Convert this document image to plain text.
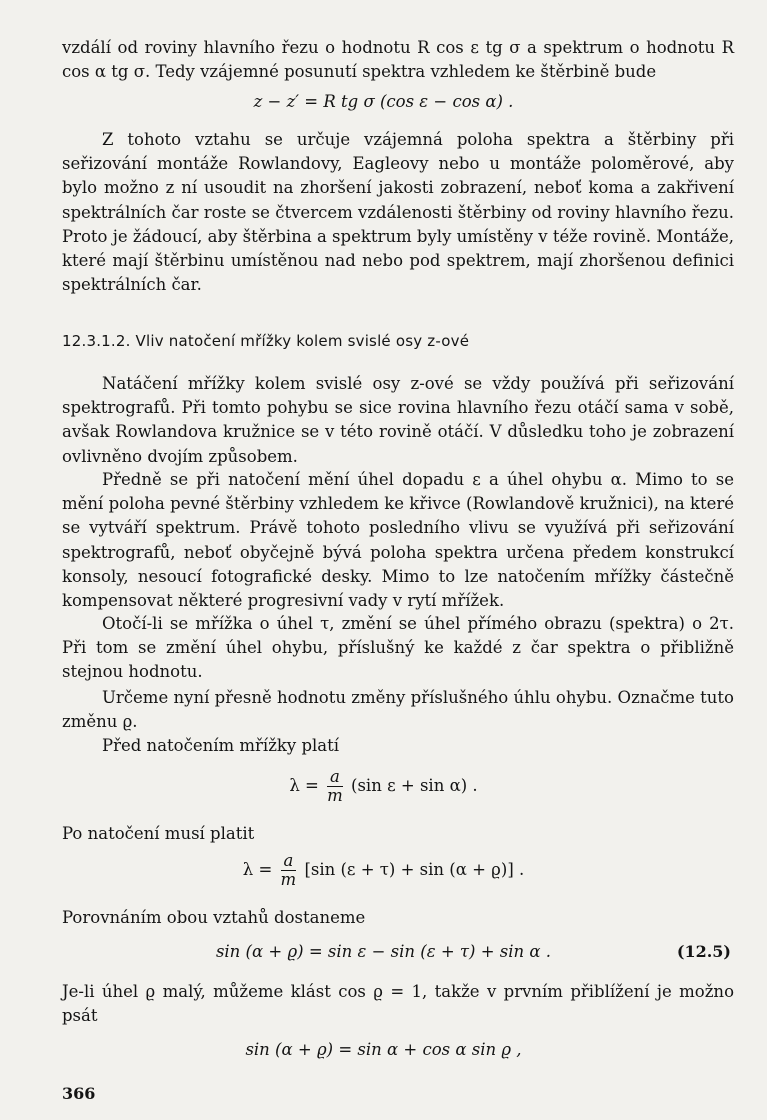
vzdálí od roviny hlavního řezu o hodnotu R cos ε tg σ a spektrum o hodnotu R cos α tg σ. Tedy vzájemné posunutí spektra vzhledem ke štěrbině bude

z − z′ = R tg σ (cos ε − cos α) .

Z tohoto vztahu se určuje vzájemná poloha spektra a štěrbiny při seřizování montáže Rowlandovy, Eagleovy nebo u montáže poloměrové, aby bylo možno z ní usoudit na zhoršení jakosti zobrazení, neboť koma a zakřivení spektrálních čar roste se čtvercem vzdálenosti štěrbiny od roviny hlavního řezu. Proto je žádoucí, aby štěrbina a spektrum byly umístěny v téže rovině. Montáže, které mají štěrbinu umístěnou nad nebo pod spektrem, mají zhoršenou definici spektrálních čar.

12.3.1.2. Vliv natočení mřížky kolem svislé osy z-ové

Natáčení mřížky kolem svislé osy z-ové se vždy používá při seřizování spektrografů. Při tomto pohybu se sice rovina hlavního řezu otáčí sama v sobě, avšak Rowlandova kružnice se v této rovině otáčí. V důsledku toho je zobrazení ovlivněno dvojím způsobem.

Předně se při natočení mění úhel dopadu ε a úhel ohybu α. Mimo to se mění poloha pevné štěrbiny vzhledem ke křivce (Rowlandově kružnici), na které se vytváří spektrum. Právě tohoto posledního vlivu se využívá při seřizování spektrografů, neboť obyčejně bývá poloha spektra určena předem konstrukcí konsoly, nesoucí fotografické desky. Mimo to lze natočením mřížky částečně kompensovat některé progresivní vady v rytí mřížek.

Otočí-li se mřížka o úhel τ, změní se úhel přímého obrazu (spektra) o 2τ. Při tom se změní úhel ohybu, příslušný ke každé z čar spektra o přibližně stejnou hodnotu.

Určeme nyní přesně hodnotu změny příslušného úhlu ohybu. Označme tuto změnu ϱ.

Před natočením mřížky platí

$\lambda = \frac{a}{m} (\sin$ ε + sin α) .

Po natočení musí platit

$\lambda = \frac{a}{m} [\sin$ (ε + τ) + sin (α + ϱ)] .

Porovnáním obou vztahů dostaneme

sin (α + ϱ) = sin ε − sin (ε + τ) + sin α .	(12.5)

Je-li úhel ϱ malý, můžeme klást cos ϱ = 1, takže v prvním přiblížení je možno psát

sin (α + ϱ) = sin α + cos α sin ϱ ,

366
